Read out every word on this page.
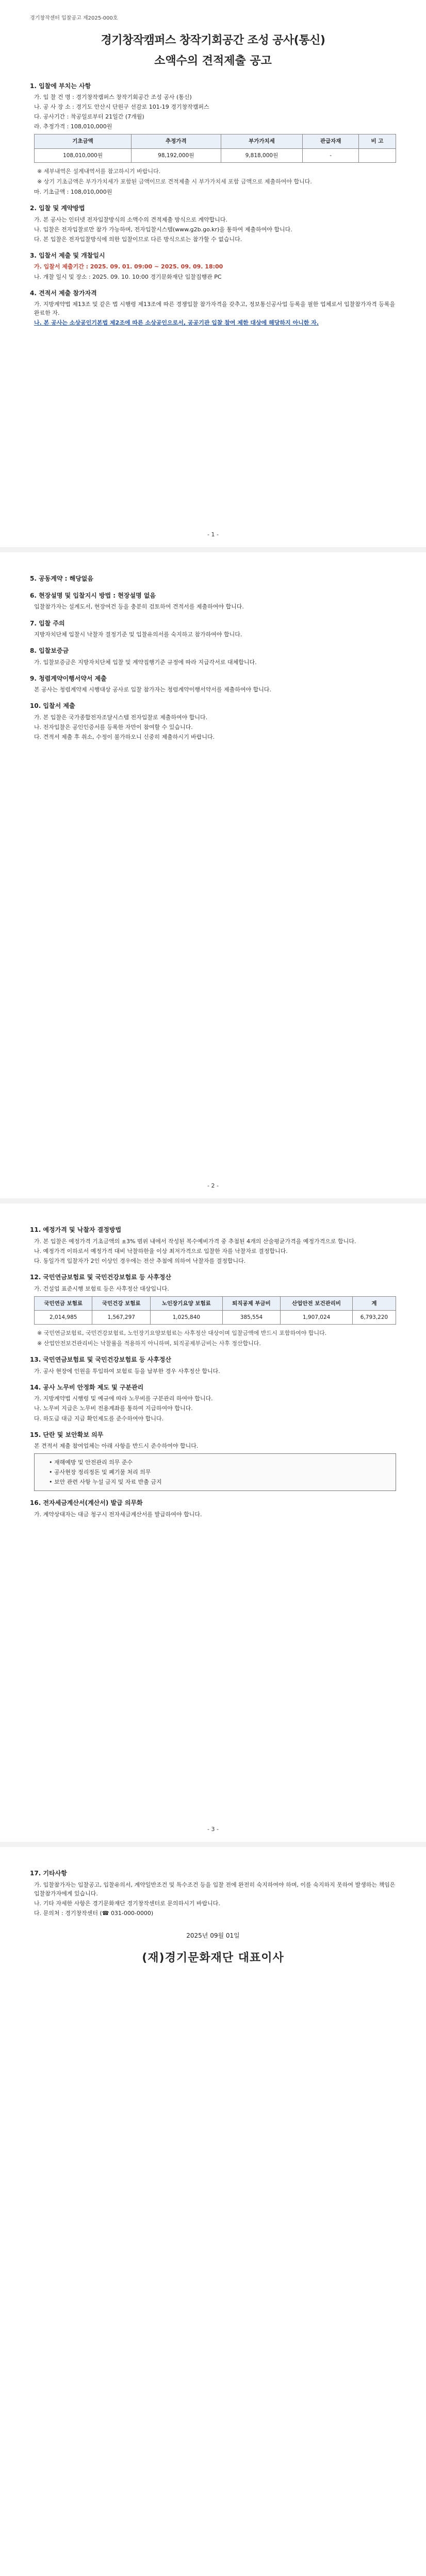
경기창작센터 입찰공고 제2025-000호
경기창작캠퍼스 창작기회공간 조성 공사(통신)
소액수의 견적제출 공고
1. 입찰에 부치는 사항
가. 입 찰 건 명 : 경기창작캠퍼스 창작기회공간 조성 공사 (통신)
나. 공 사 장 소 : 경기도 안산시 단원구 선감로 101-19 경기창작캠퍼스
다. 공사기간 : 착공일로부터 21일간 (7개월)
라. 추정가격 : 108,010,000원
기초금액	추정가격	부가가치세	관급자재	비 고
108,010,000원	98,192,000원	9,818,000원	-	
※ 세부내역은 설계내역서를 참고하시기 바랍니다.
※ 상기 기초금액은 부가가치세가 포함된 금액이므로 견적제출 시 부가가치세 포함 금액으로 제출하여야 합니다.
마. 기초금액 : 108,010,000원
2. 입찰 및 계약방법
가. 본 공사는 인터넷 전자입찰방식의 소액수의 견적제출 방식으로 계약합니다.
나. 입찰은 전자입찰로만 참가 가능하며, 전자입찰시스템(www.g2b.go.kr)을 통하여 제출하여야 합니다.
다. 본 입찰은 전자입찰방식에 의한 입찰이므로 다른 방식으로는 참가할 수 없습니다.
3. 입찰서 제출 및 개찰일시
가. 입찰서 제출기간 : 2025. 09. 01. 09:00 ~ 2025. 09. 09. 18:00
나. 개찰 일시 및 장소 : 2025. 09. 10. 10:00 경기문화재단 입찰집행관 PC
4. 견적서 제출 참가자격
가. 지방계약법 제13조 및 같은 법 시행령 제13조에 따른 경쟁입찰 참가자격을 갖추고, 정보통신공사업 등록을 필한 업체로서 입찰참가자격 등록을 완료한 자.
나. 본 공사는 소상공인기본법 제2조에 따른 소상공인으로서, 공공기관 입찰 참여 제한 대상에 해당하지 아니한 자.
- 1 -
5. 공동계약 : 해당없음
6. 현장설명 및 입찰지시 방법 : 현장설명 없음
입찰참가자는 설계도서, 현장여건 등을 충분히 검토하여 견적서를 제출하여야 합니다.
7. 입찰 주의
지방자치단체 입찰시 낙찰자 결정기준 및 입찰유의서를 숙지하고 참가하여야 합니다.
8. 입찰보증금
가. 입찰보증금은 지방자치단체 입찰 및 계약집행기준 규정에 따라 지급각서로 대체합니다.
9. 청렴계약이행서약서 제출
본 공사는 청렴계약제 시행대상 공사로 입찰 참가자는 청렴계약이행서약서를 제출하여야 합니다.
10. 입찰서 제출
가. 본 입찰은 국가종합전자조달시스템 전자입찰로 제출하여야 합니다.
나. 전자입찰은 공인인증서를 등록한 자만이 참여할 수 있습니다.
다. 견적서 제출 후 취소, 수정이 불가하오니 신중히 제출하시기 바랍니다.
- 2 -
11. 예정가격 및 낙찰자 결정방법
가. 본 입찰은 예정가격 기초금액의 ±3% 범위 내에서 작성된 복수예비가격 중 추첨된 4개의 산술평균가격을 예정가격으로 합니다.
나. 예정가격 이하로서 예정가격 대비 낙찰하한율 이상 최저가격으로 입찰한 자를 낙찰자로 결정합니다.
다. 동일가격 입찰자가 2인 이상인 경우에는 전산 추첨에 의하여 낙찰자를 결정합니다.
12. 국민연금보험료 및 국민건강보험료 등 사후정산
가. 건설업 표준시행 보험료 등은 사후정산 대상입니다.
국민연금 보험료	국민건강 보험료	노인장기요양 보험료	퇴직공제 부금비	산업안전 보건관리비	계
2,014,985	1,567,297	1,025,840	385,554	1,907,024	6,793,220
※ 국민연금보험료, 국민건강보험료, 노인장기요양보험료는 사후정산 대상이며 입찰금액에 반드시 포함하여야 합니다.
※ 산업안전보건관리비는 낙찰률을 적용하지 아니하며, 퇴직공제부금비는 사후 정산합니다.
13. 국민연금보험료 및 국민건강보험료 등 사후정산
가. 공사 현장에 인원을 투입하여 보험료 등을 납부한 경우 사후정산 합니다.
14. 공사 노무비 안정화 제도 및 구분관리
가. 지방계약법 시행령 및 예규에 따라 노무비를 구분관리 하여야 합니다.
나. 노무비 지급은 노무비 전용계좌를 통하여 지급하여야 합니다.
다. 하도급 대금 지급 확인제도를 준수하여야 합니다.
15. 단란 및 보안확보 의무
본 견적서 제출 참여업체는 아래 사항을 반드시 준수하여야 합니다.
• 재해예방 및 안전관리 의무 준수
• 공사현장 정리정돈 및 폐기물 처리 의무
• 보안 관련 사항 누설 금지 및 자료 반출 금지
16. 전자세금계산서(계산서) 발급 의무화
가. 계약상대자는 대금 청구시 전자세금계산서를 발급하여야 합니다.
- 3 -
17. 기타사항
가. 입찰참가자는 입찰공고, 입찰유의서, 계약일반조건 및 특수조건 등을 입찰 전에 완전히 숙지하여야 하며, 이를 숙지하지 못하여 발생하는 책임은 입찰참가자에게 있습니다.
나. 기타 자세한 사항은 경기문화재단 경기창작센터로 문의하시기 바랍니다.
다. 문의처 : 경기창작센터 (☎ 031-000-0000)
2025년 09월 01일
(재)경기문화재단 대표이사
